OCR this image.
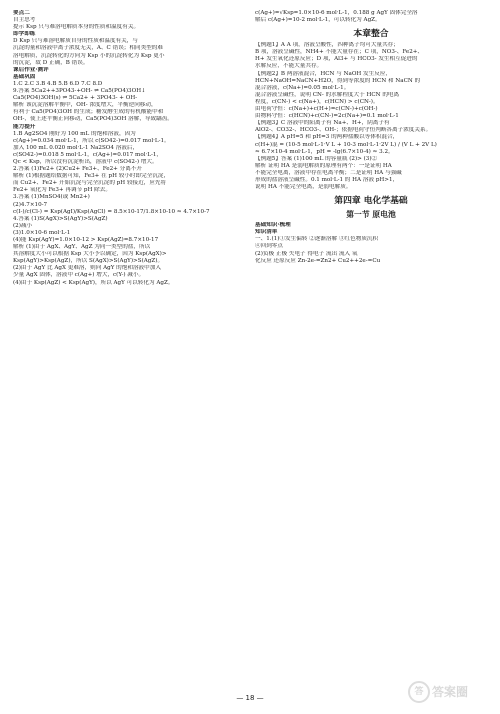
要点二
自主思考
提示 Ksp 只与难溶电解质本身的性质和温度有关。
即学即练
D Ksp 只与难溶电解质自身的性质和温度有关，与
沉淀的量和溶液中离子浓度无关，A、C 错误；相同类型的难
溶电解质，沉淀转化的方向为 Ksp 小的沉淀转化为 Ksp 更小
的沉淀，故 D 正确，B 错误。
课后作业·测评
基础巩固
1.C 2.C 3.B 4.B 5.B 6.D 7.C 8.D
9.答案 5Ca2++3PO43-+OH- ⇌ Ca5(PO4)3OH↓
Ca5(PO4)3OH(s) ⇌ 5Ca2+ + 3PO43- + OH-
解析 该沉淀溶解平衡中，OH- 浓度增大，平衡逆向移动，
有利于 Ca5(PO4)3OH 的生成；糖发酵生成的有机酸能中和
OH-，使上述平衡正向移动，Ca5(PO4)3OH 溶解，导致龋齿。
能力提升
1.B Ag2SO4 刚好为 100 mL 的饱和溶液，因为
c(Ag+)=0.034 mol·L-1，所以 c(SO42-)=0.017 mol·L-1。
加入 100 mL 0.020 mol·L-1 Na2SO4 溶液后，
c(SO42-)=0.018 5 mol·L-1，c(Ag+)=0.017 mol·L-1，
Qc < Ksp，所以没有沉淀析出，溶液中 c(SO42-) 增大。
2.答案 (1)Fe2+ (2)Cu2+ Fe3+、Fe2+ 分离不开
解析 (1)根据题给数据可知，Fe3+ 在 pH 较小时即完全沉淀，
而 Cu2+、Fe2+ 开始沉淀与完全沉淀的 pH 较接近，应先将
Fe2+ 氧化为 Fe3+ 再调节 pH 除去。
3.答案 (1)MnSO4(或 Mn2+)
(2)4.7×10-7
c(I-)/c(Cl-) = Ksp(AgI)/Ksp(AgCl) = 8.5×10-17/1.8×10-10 ≈ 4.7×10-7
4.答案 (1)S(AgX)>S(AgY)>S(AgZ)
(2)减小
(3)1.0×10-6 mol·L-1
(4)能 Ksp(AgY)=1.0×10-12 > Ksp(AgZ)=8.7×10-17
解析 (1)由于 AgX、AgY、AgZ 为同一类型的盐，所以
其溶解度大小可以根据 Ksp 大小予以确定，因为 Ksp(AgX)>
Ksp(AgY)>Ksp(AgZ)，所以 S(AgX)>S(AgY)>S(AgZ)。
(2)由于 AgY 比 AgX 更难溶，则向 AgY 的饱和溶液中加入
少量 AgX 固体，溶液中 c(Ag+) 增大，c(Y-) 减小。
(4)由于 Ksp(AgZ) < Ksp(AgY)，所以 AgY 可以转化为 AgZ。
c(Ag+)=√Ksp=1.0×10-6 mol·L-1，0.188 g AgY 固体完全溶
解后 c(Ag+)=10-2 mol·L-1，可以转化为 AgZ。
本章整合
【例题1】A A 项，溶液呈酸性，四种离子均可大量共存；
B 项，溶液呈碱性，NH4+ 不能大量存在；C 项，NO3-、Fe2+、
H+ 发生氧化还原反应；D 项，Al3+ 与 HCO3- 发生相互促进的
水解反应，不能大量共存。
【例题2】B 两溶液混合，HCN 与 NaOH 发生反应，
HCN+NaOH=NaCN+H2O，得到等浓度的 HCN 和 NaCN 的
混合溶液，c(Na+)=0.05 mol·L-1。
混合溶液呈碱性，说明 CN- 的水解程度大于 HCN 的电离
程度，c(CN-) < c(Na+)，c(HCN) > c(CN-)。
由电荷守恒：c(Na+)+c(H+)=c(CN-)+c(OH-)
由物料守恒：c(HCN)+c(CN-)=2c(Na+)=0.1 mol·L-1
【例题3】C 溶液中的阳离子有 Na+、H+，阴离子有
AlO2-、CO32-、HCO3-、OH-；依据电荷守恒判断各离子浓度关系。
【例题4】A pH=5 和 pH=3 的两种盐酸以等体积混合，
c(H+)混 = (10-5 mol·L-1·V L + 10-3 mol·L-1·2V L) / (V L + 2V L)
≈ 6.7×10-4 mol·L-1，pH = -lg(6.7×10-4) ≈ 3.2。
【例题5】答案 (1)100 mL 的容量瓶 (2)> (3)②
解析 证明 HA 是弱电解质的原理有两个：一是证明 HA
不能完全电离，溶液中存在电离平衡；二是证明 HA 与强碱
形成的盐溶液呈碱性。0.1 mol·L-1 的 HA 溶液 pH>1，
说明 HA 不能完全电离，是弱电解质。
第四章 电化学基础
第一节 原电池
基础知识·梳理
知识清单
一、1.(1)①发生偏转 ②逐渐溶解 ③红色物质沉积
④回到零点
(2)负极 正极 失电子 得电子 流出 流入 氧
化反应 还原反应 Zn-2e-=Zn2+ Cu2++2e-=Cu
— 18 —
答 答案圈
